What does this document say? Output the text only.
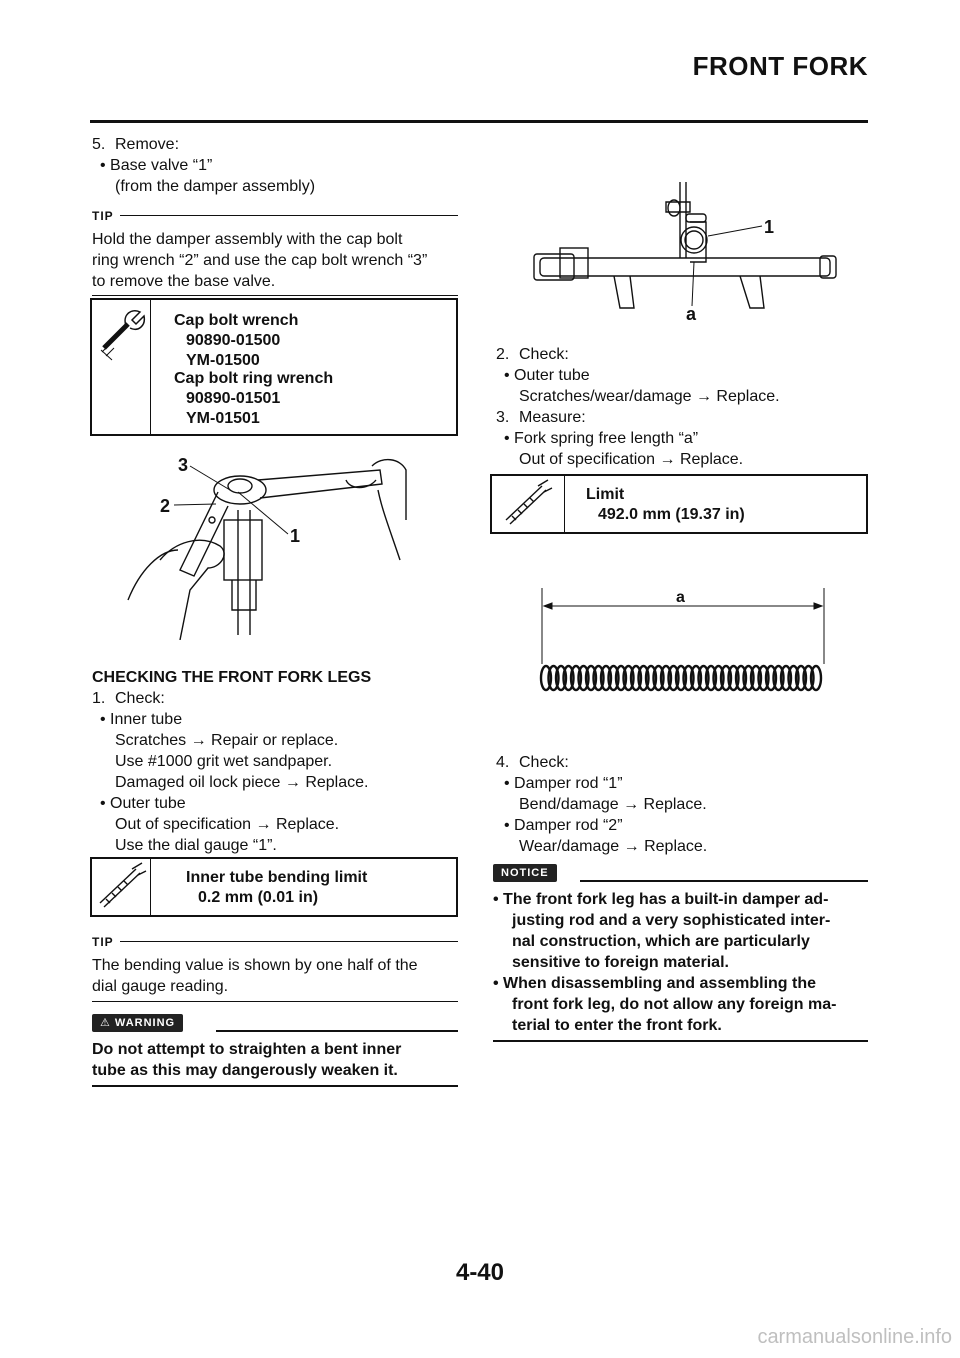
FRONT FORK
5. Remove:
• Base valve “1”
(from the damper assembly)
TIP
Hold the damper assembly with the cap bolt
ring wrench “2” and use the cap bolt wrench “3”
to remove the base valve.
Cap bolt wrench
90890-01500
YM-01500
Cap bolt ring wrench
90890-01501
YM-01501
3
2
1
CHECKING THE FRONT FORK LEGS
1. Check:
• Inner tube
Scratches → Repair or replace.
Use #1000 grit wet sandpaper.
Damaged oil lock piece → Replace.
• Outer tube
Out of specification → Replace.
Use the dial gauge “1”.
Inner tube bending limit
0.2 mm (0.01 in)
TIP
The bending value is shown by one half of the
dial gauge reading.
⚠ WARNING
Do not attempt to straighten a bent inner
tube as this may dangerously weaken it.
1
a
2. Check:
• Outer tube
Scratches/wear/damage → Replace.
3. Measure:
• Fork spring free length “a”
Out of specification → Replace.
Limit
492.0 mm (19.37 in)
a
4. Check:
• Damper rod “1”
Bend/damage → Replace.
• Damper rod “2”
Wear/damage → Replace.
NOTICE
• The front fork leg has a built-in damper ad-
justing rod and a very sophisticated inter-
nal construction, which are particularly
sensitive to foreign material.
• When disassembling and assembling the
front fork leg, do not allow any foreign ma-
terial to enter the front fork.
4-40
carmanualsonline.info
